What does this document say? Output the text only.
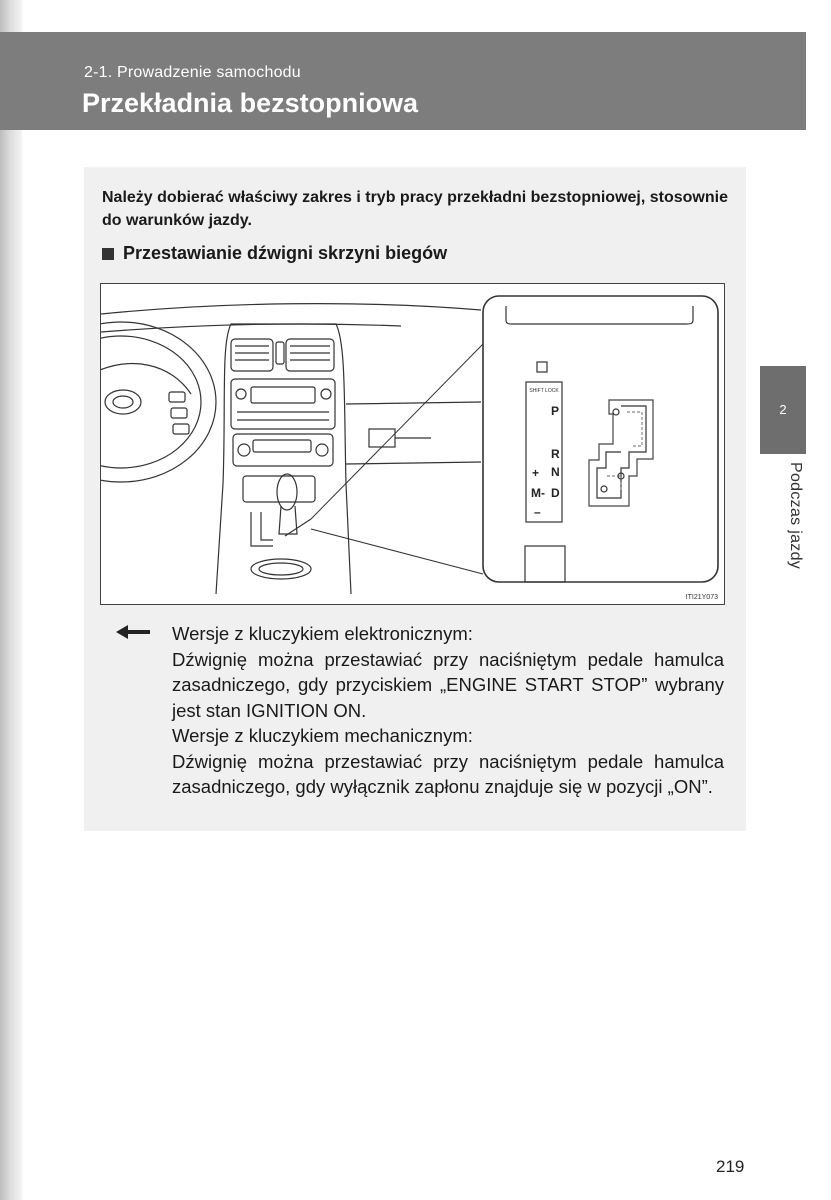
2-1. Prowadzenie samochodu
Przekładnia bezstopniowa
Należy dobierać właściwy zakres i tryb pracy przekładni bezstopniowej, stosownie do warunków jazdy.
Przestawianie dźwigni skrzyni biegów
SHIFT LOCK
P
R
N
D
+
M -
–
ITI21Y073

Wersje z kluczykiem elektronicznym:

Dźwignię można przestawiać przy naciśniętym pedale hamulca zasadniczego, gdy przyciskiem „ENGINE START STOP” wybrany jest stan IGNITION ON.

Wersje z kluczykiem mechanicznym:

Dźwignię można przestawiać przy naciśniętym pedale hamulca zasadniczego, gdy wyłącznik zapłonu znajduje się w pozycji „ON”.

2
Podczas jazdy
219
